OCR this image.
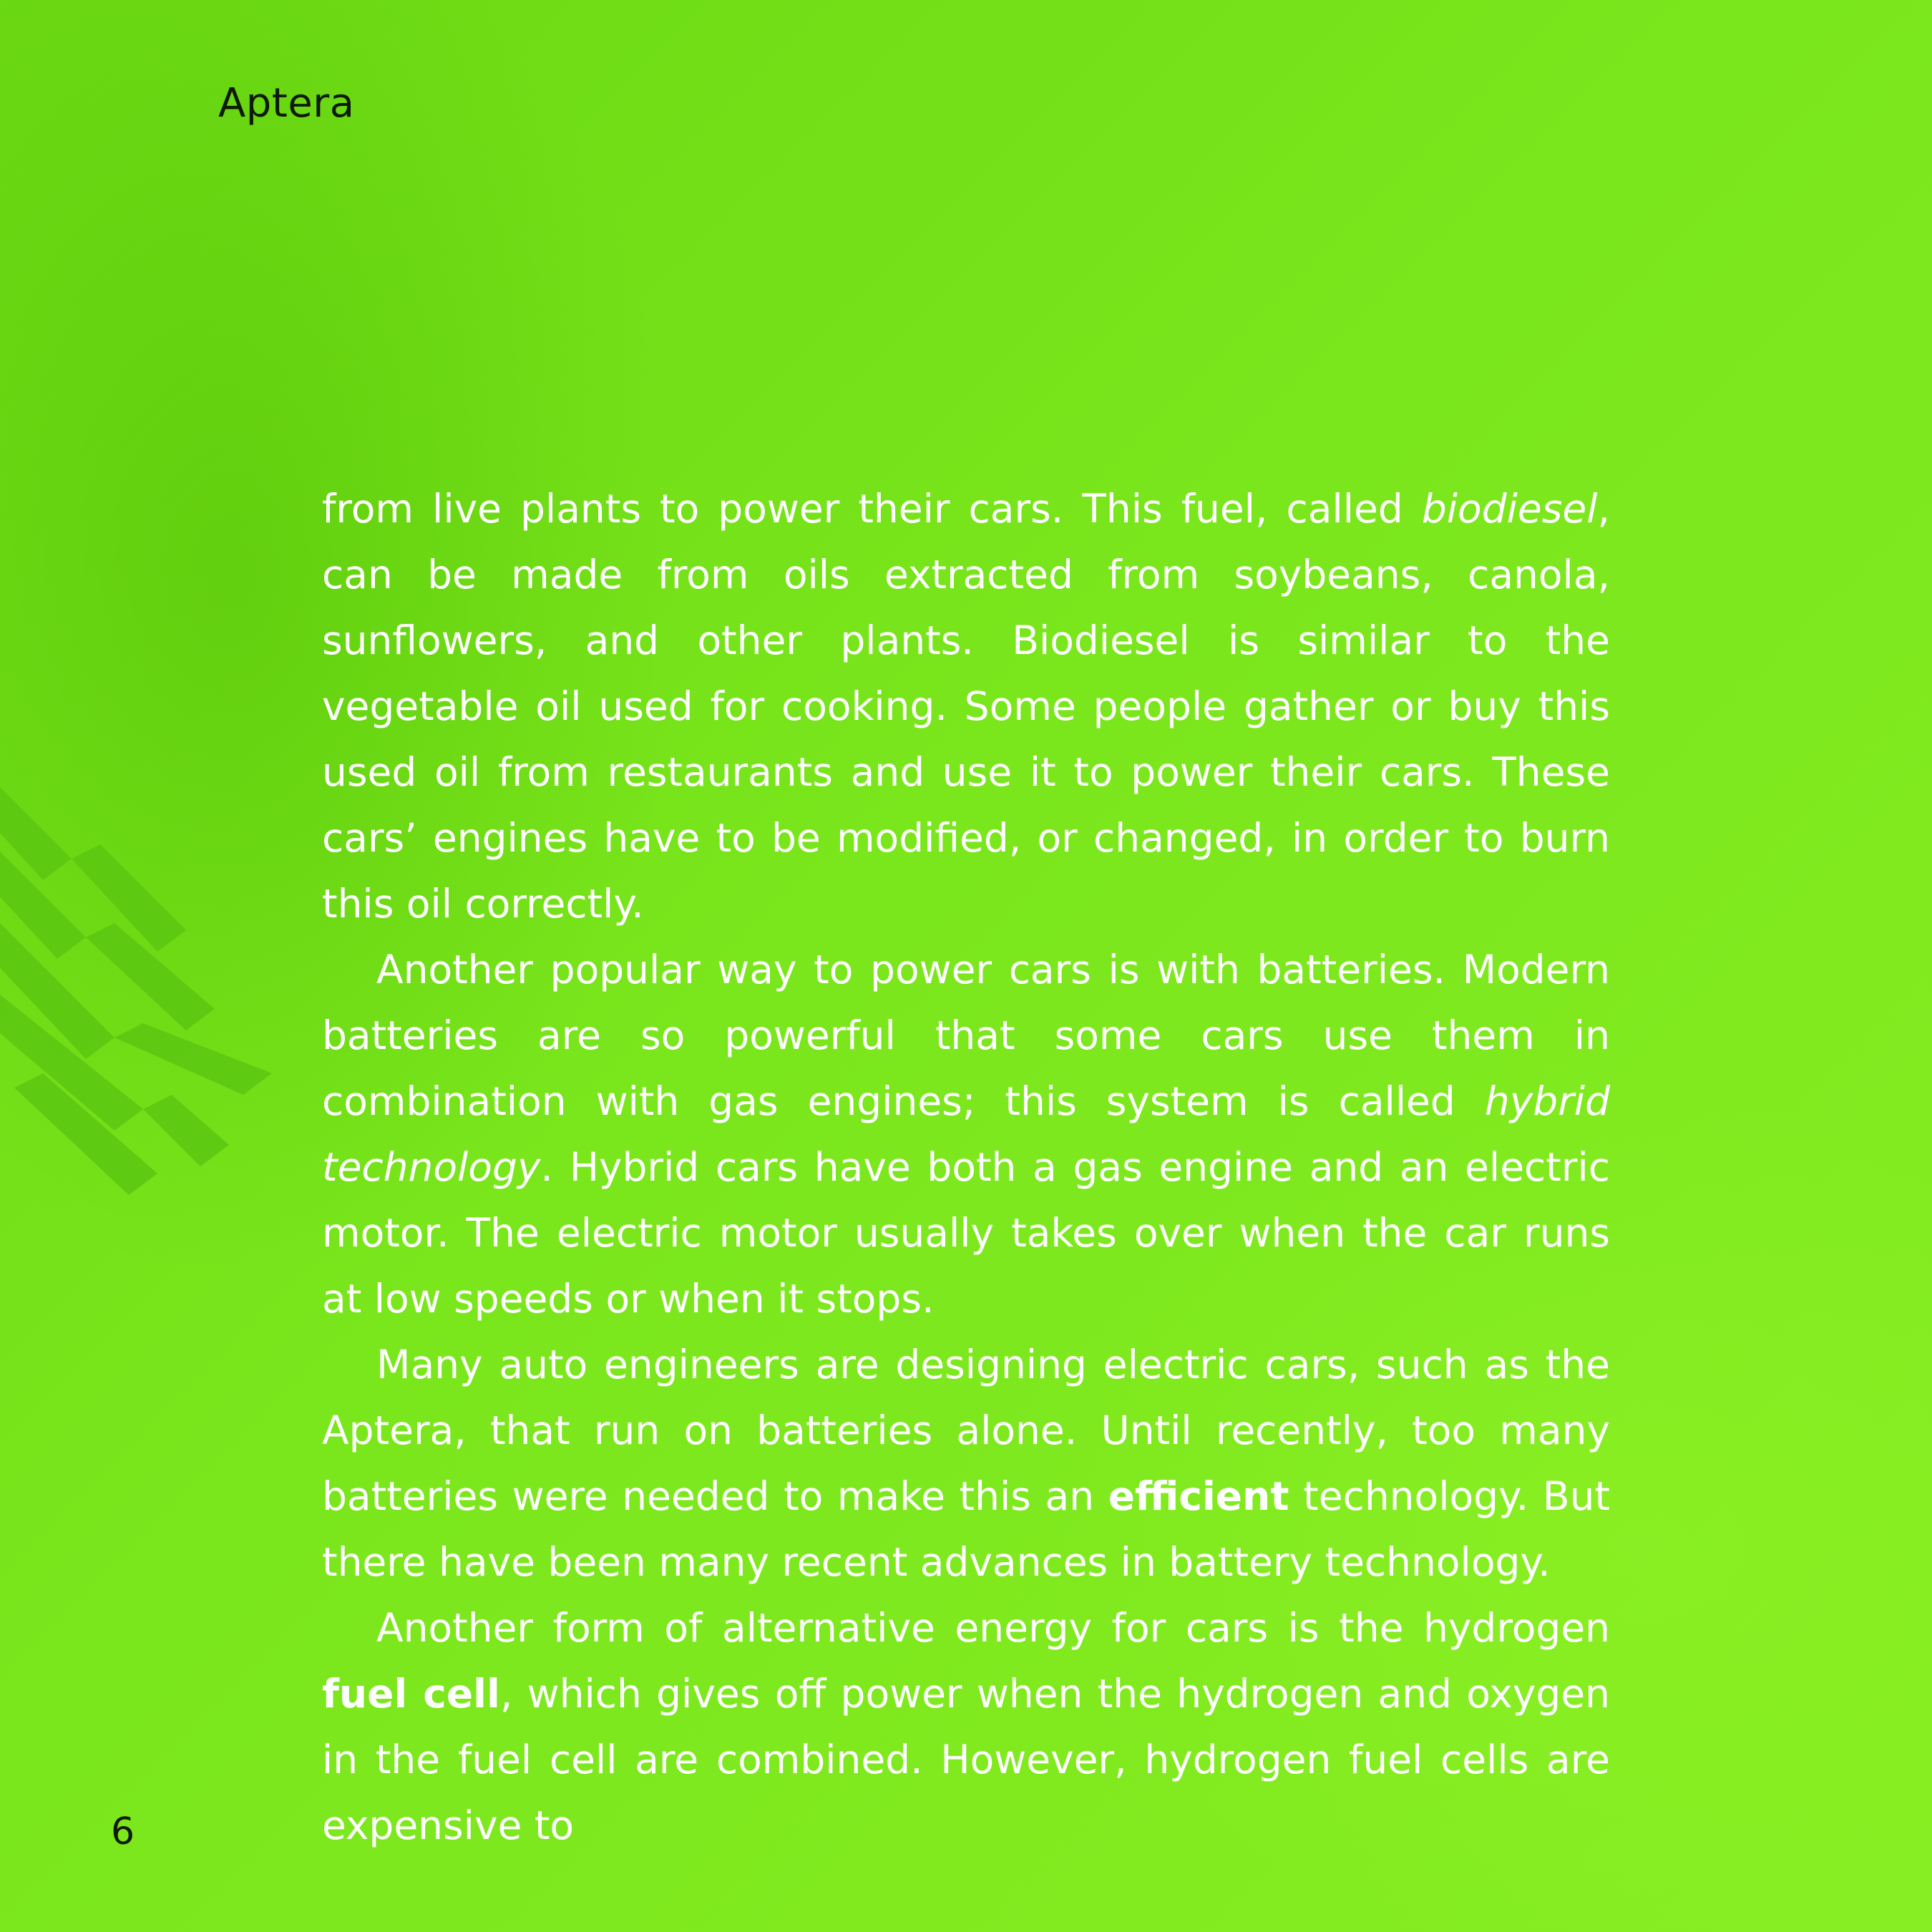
Aptera

from live plants to power their cars. This fuel, called biodiesel, can be made from oils extracted from soybeans, canola, sunflowers, and other plants. Biodiesel is similar to the vegetable oil used for cooking. Some people gather or buy this used oil from restaurants and use it to power their cars. These cars’ engines have to be modified, or changed, in order to burn this oil correctly.

Another popular way to power cars is with batteries. Modern batteries are so powerful that some cars use them in combination with gas engines; this system is called hybrid technology. Hybrid cars have both a gas engine and an electric motor. The electric motor usually takes over when the car runs at low speeds or when it stops.

Many auto engineers are designing electric cars, such as the Aptera, that run on batteries alone. Until recently, too many batteries were needed to make this an efficient technology. But there have been many recent advances in battery technology.

Another form of alternative energy for cars is the hydrogen fuel cell, which gives off power when the hydrogen and oxygen in the fuel cell are combined. However, hydrogen fuel cells are expensive to

6
